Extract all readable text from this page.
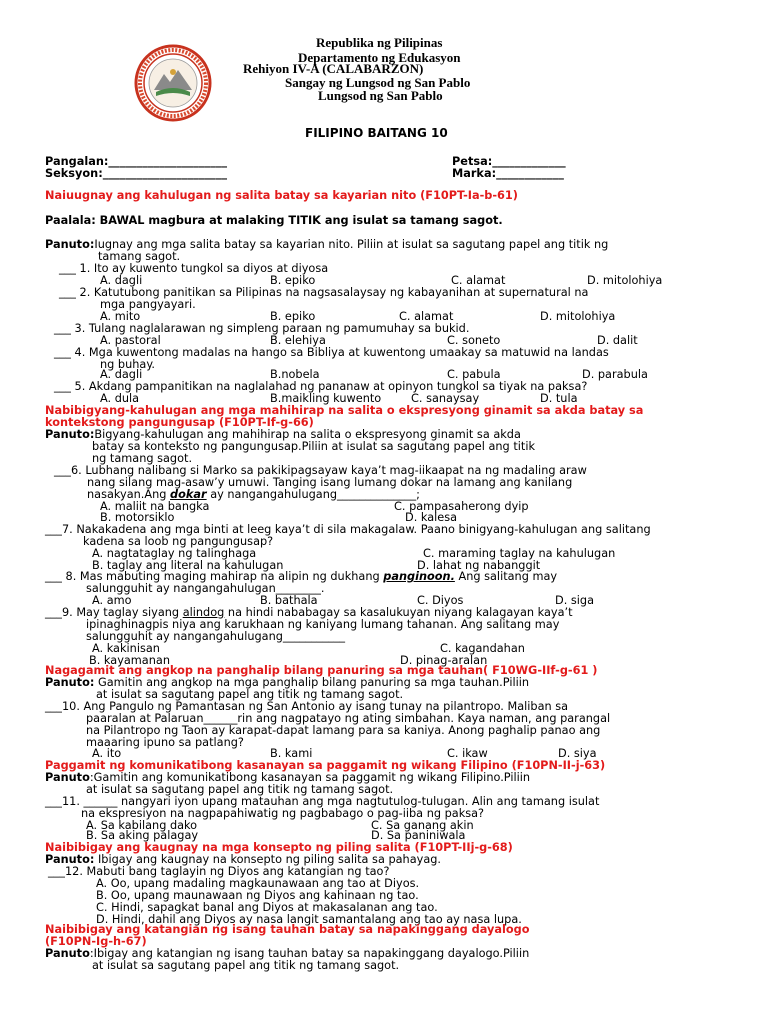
Republika ng Pilipinas
Departamento ng Edukasyon
Rehiyon IV-A (CALABARZON)
Sangay ng Lungsod ng San Pablo
Lungsod ng San Pablo
FILIPINO BAITANG 10
Pangalan:_____________________
Seksyon:______________________
Petsa:_____________
Marka:____________
Naiuugnay ang kahulugan ng salita batay sa kayarian nito (F10PT-Ia-b-61)
Paalala: BAWAL magbura at malaking TITIK ang isulat sa tamang sagot.
Panuto:Iugnay ang mga salita batay sa kayarian nito. Piliin at isulat sa sagutang papel ang titik ng
tamang sagot.
___ 1. Ito ay kuwento tungkol sa diyos at diyosa
A. dagli	B. epiko	C. alamat	D. mitolohiya
___ 2. Katutubong panitikan sa Pilipinas na nagsasalaysay ng kabayanihan at supernatural na
mga pangyayari.
A. mito	B. epiko	C. alamat	D. mitolohiya
___ 3. Tulang naglalarawan ng simpleng paraan ng pamumuhay sa bukid.
A. pastoral	B. elehiya	C. soneto	D. dalit
___ 4. Mga kuwentong madalas na hango sa Bibliya at kuwentong umaakay sa matuwid na landas
ng buhay.
A. dagli	B.nobela	C. pabula	D. parabula
___ 5. Akdang pampanitikan na naglalahad ng pananaw at opinyon tungkol sa tiyak na paksa?
A. dula	B.maikling kuwento	C. sanaysay	D. tula
Nabibigyang-kahulugan ang mga mahihirap na salita o ekspresyong ginamit sa akda batay sa
kontekstong pangungusap (F10PT-If-g-66)
Panuto:Bigyang-kahulugan ang mahihirap na salita o ekspresyong ginamit sa akda
batay sa konteksto ng pangungusap.Piliin at isulat sa sagutang papel ang titik
ng tamang sagot.
___6. Lubhang nalibang si Marko sa pakikipagsayaw kaya’t mag-iikaapat na ng madaling araw
nang silang mag-asaw’y umuwi. Tanging isang lumang dokar na lamang ang kanilang
nasakyan.Ang dokar ay nangangahulugang______________;
A. maliit na bangka	C. pampasaherong dyip
B. motorsiklo	D. kalesa
___7. Nakakadena ang mga binti at leeg kaya’t di sila makagalaw. Paano binigyang-kahulugan ang salitang
kadena sa loob ng pangungusap?
A. nagtataglay ng talinghaga	C. maraming taglay na kahulugan
B. taglay ang literal na kahulugan	D. lahat ng nabanggit
___ 8. Mas mabuting maging mahirap na alipin ng dukhang panginoon. Ang salitang may
salungguhit ay nangangahulugan________.
A. amo	B. bathala	C. Diyos	D. siga
___9. May taglay siyang alindog na hindi nababagay sa kasalukuyan niyang kalagayan kaya’t
ipinaghinagpis niya ang karukhaan ng kaniyang lumang tahanan. Ang salitang may
salungguhit ay nangangahulugang___________
A. kakinisan	C. kagandahan
B. kayamanan	D. pinag-aralan
Nagagamit ang angkop na panghalip bilang panuring sa mga tauhan( F10WG-IIf-g-61 )
Panuto: Gamitin ang angkop na mga panghalip bilang panuring sa mga tauhan.Piliin
at isulat sa sagutang papel ang titik ng tamang sagot.
___10. Ang Pangulo ng Pamantasan ng San Antonio ay isang tunay na pilantropo. Maliban sa
paaralan at Palaruan______rin ang nagpatayo ng ating simbahan. Kaya naman, ang parangal
na Pilantropo ng Taon ay karapat-dapat lamang para sa kaniya. Anong paghalip panao ang
maaaring ipuno sa patlang?
A. ito	B. kami	C. ikaw	D. siya
Paggamit ng komunikatibong kasanayan sa paggamit ng wikang Filipino (F10PN-II-j-63)
Panuto:Gamitin ang komunikatibong kasanayan sa paggamit ng wikang Filipino.Piliin
at isulat sa sagutang papel ang titik ng tamang sagot.
___11. ______ nangyari iyon upang matauhan ang mga nagtutulog-tulugan. Alin ang tamang isulat
na ekspresiyon na nagpapahiwatig ng pagbabago o pag-iiba ng paksa?
A. Sa kabilang dako	C. Sa ganang akin
B. Sa aking palagay	D. Sa paniniwala
Naibibigay ang kaugnay na mga konsepto ng piling salita (F10PT-IIj-g-68)
Panuto: Ibigay ang kaugnay na konsepto ng piling salita sa pahayag.
___12. Mabuti bang taglayin ng Diyos ang katangian ng tao?
A. Oo, upang madaling magkaunawaan ang tao at Diyos.
B. Oo, upang maunawaan ng Diyos ang kahinaan ng tao.
C. Hindi, sapagkat banal ang Diyos at makasalanan ang tao.
D. Hindi, dahil ang Diyos ay nasa langit samantalang ang tao ay nasa lupa.
Naibibigay ang katangian ng isang tauhan batay sa napakinggang dayalogo
(F10PN-Ig-h-67)
Panuto:Ibigay ang katangian ng isang tauhan batay sa napakinggang dayalogo.Piliin
at isulat sa sagutang papel ang titik ng tamang sagot.
